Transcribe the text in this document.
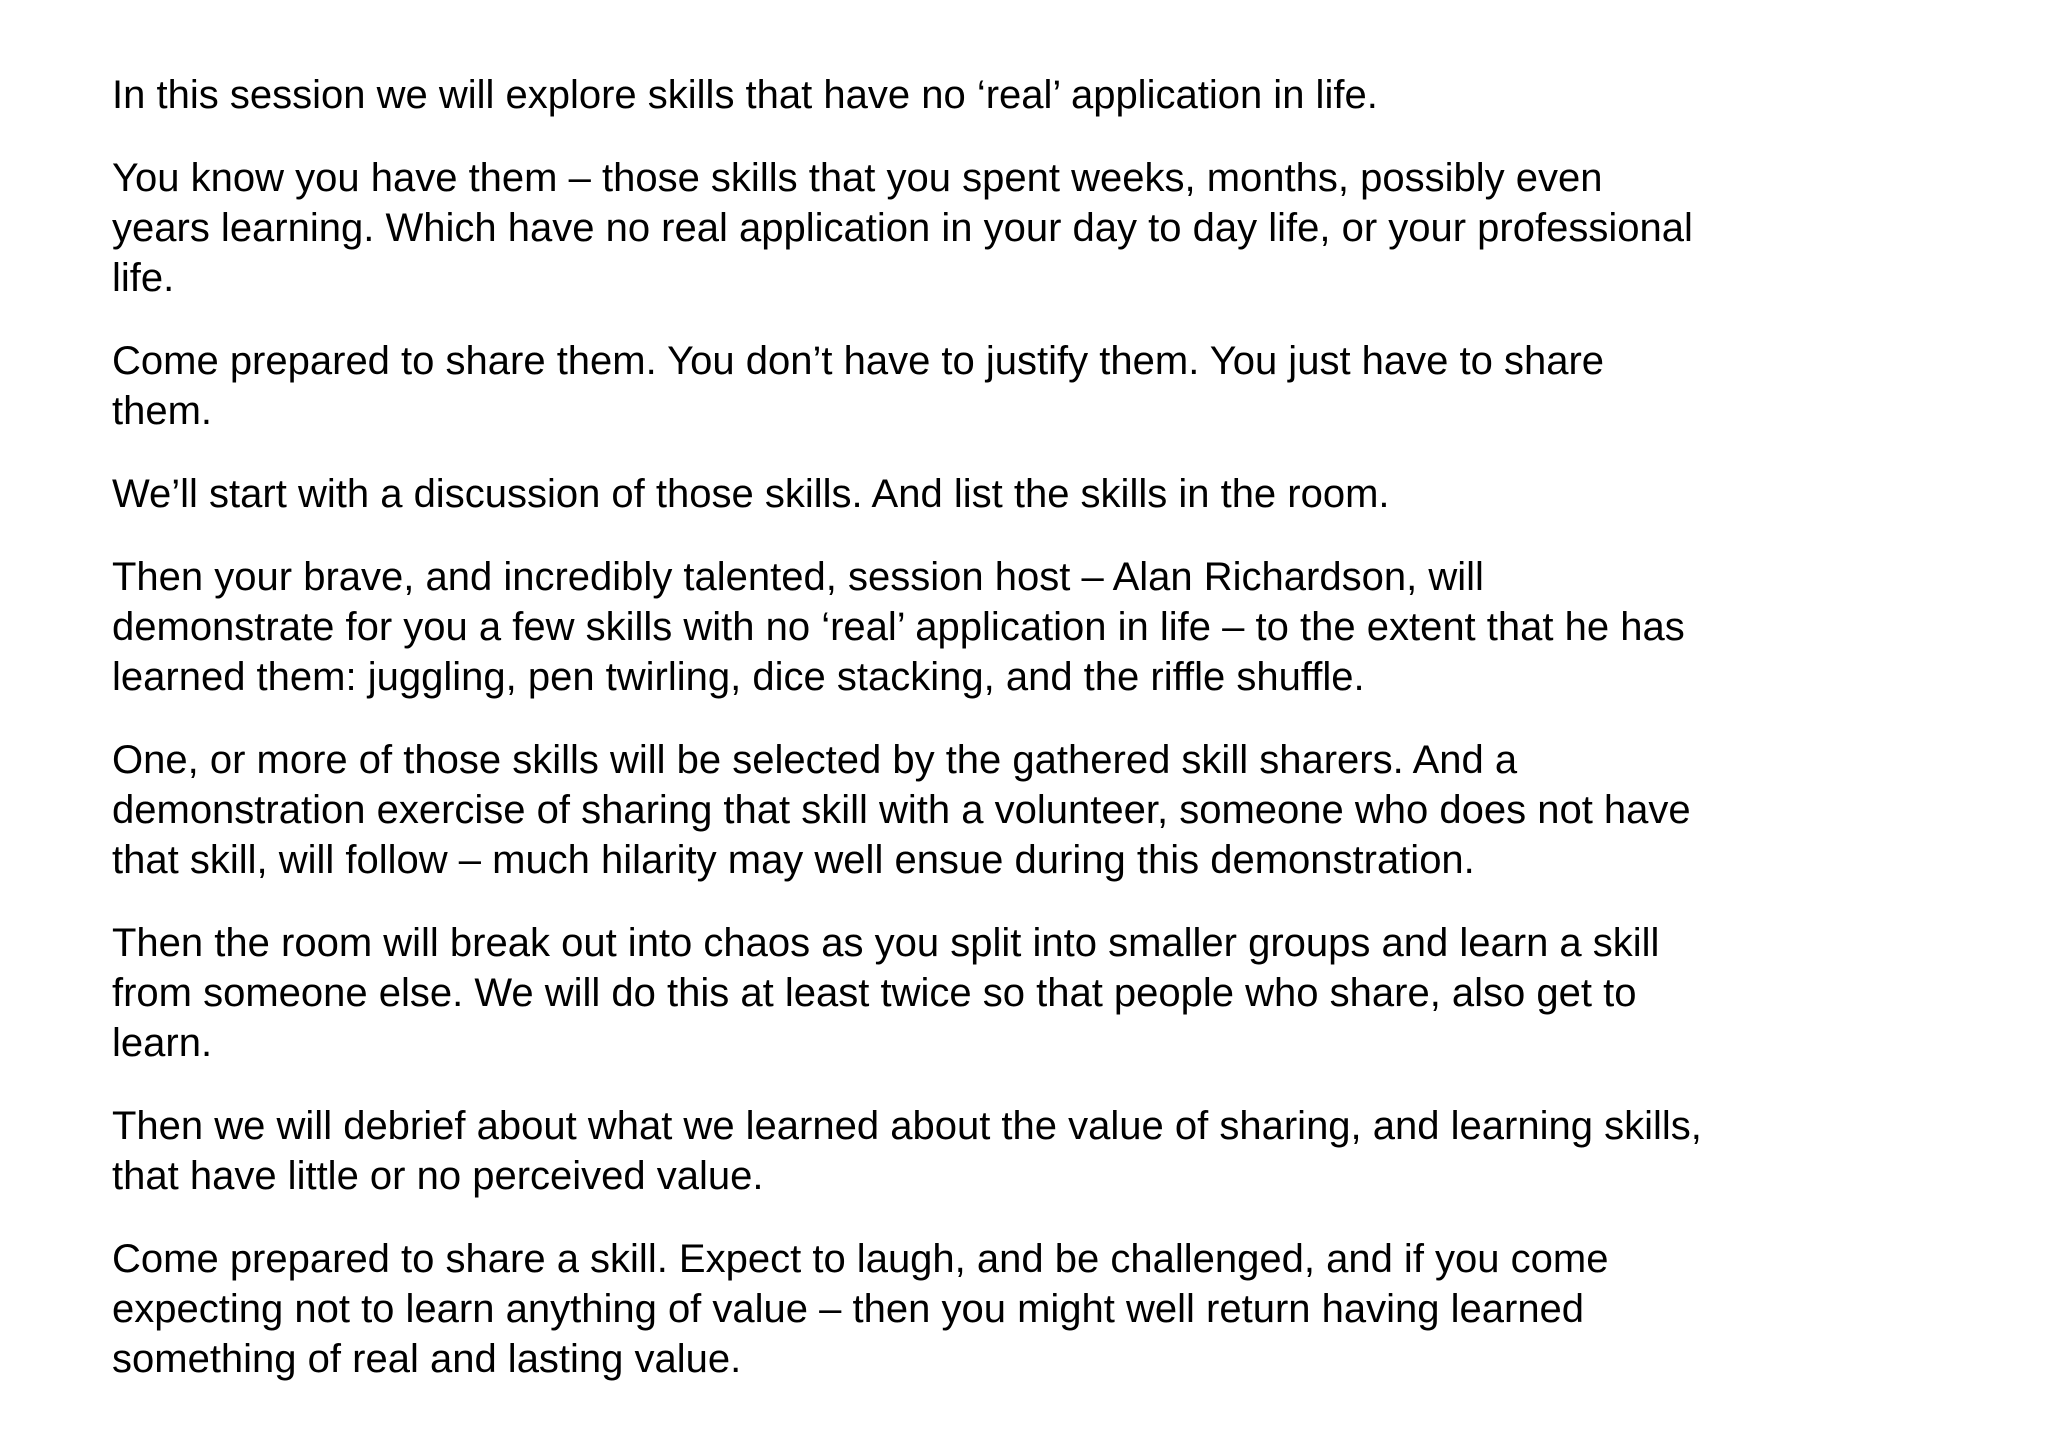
In this session we will explore skills that have no ‘real’ application in life.

You know you have them – those skills that you spent weeks, months, possibly even
years learning. Which have no real application in your day to day life, or your professional
life.

Come prepared to share them. You don’t have to justify them. You just have to share
them.

We’ll start with a discussion of those skills. And list the skills in the room.

Then your brave, and incredibly talented, session host – Alan Richardson, will
demonstrate for you a few skills with no ‘real’ application in life – to the extent that he has
learned them: juggling, pen twirling, dice stacking, and the riffle shuffle.

One, or more of those skills will be selected by the gathered skill sharers. And a
demonstration exercise of sharing that skill with a volunteer, someone who does not have
that skill, will follow – much hilarity may well ensue during this demonstration.

Then the room will break out into chaos as you split into smaller groups and learn a skill
from someone else. We will do this at least twice so that people who share, also get to
learn.

Then we will debrief about what we learned about the value of sharing, and learning skills,
that have little or no perceived value.

Come prepared to share a skill. Expect to laugh, and be challenged, and if you come
expecting not to learn anything of value – then you might well return having learned
something of real and lasting value.
